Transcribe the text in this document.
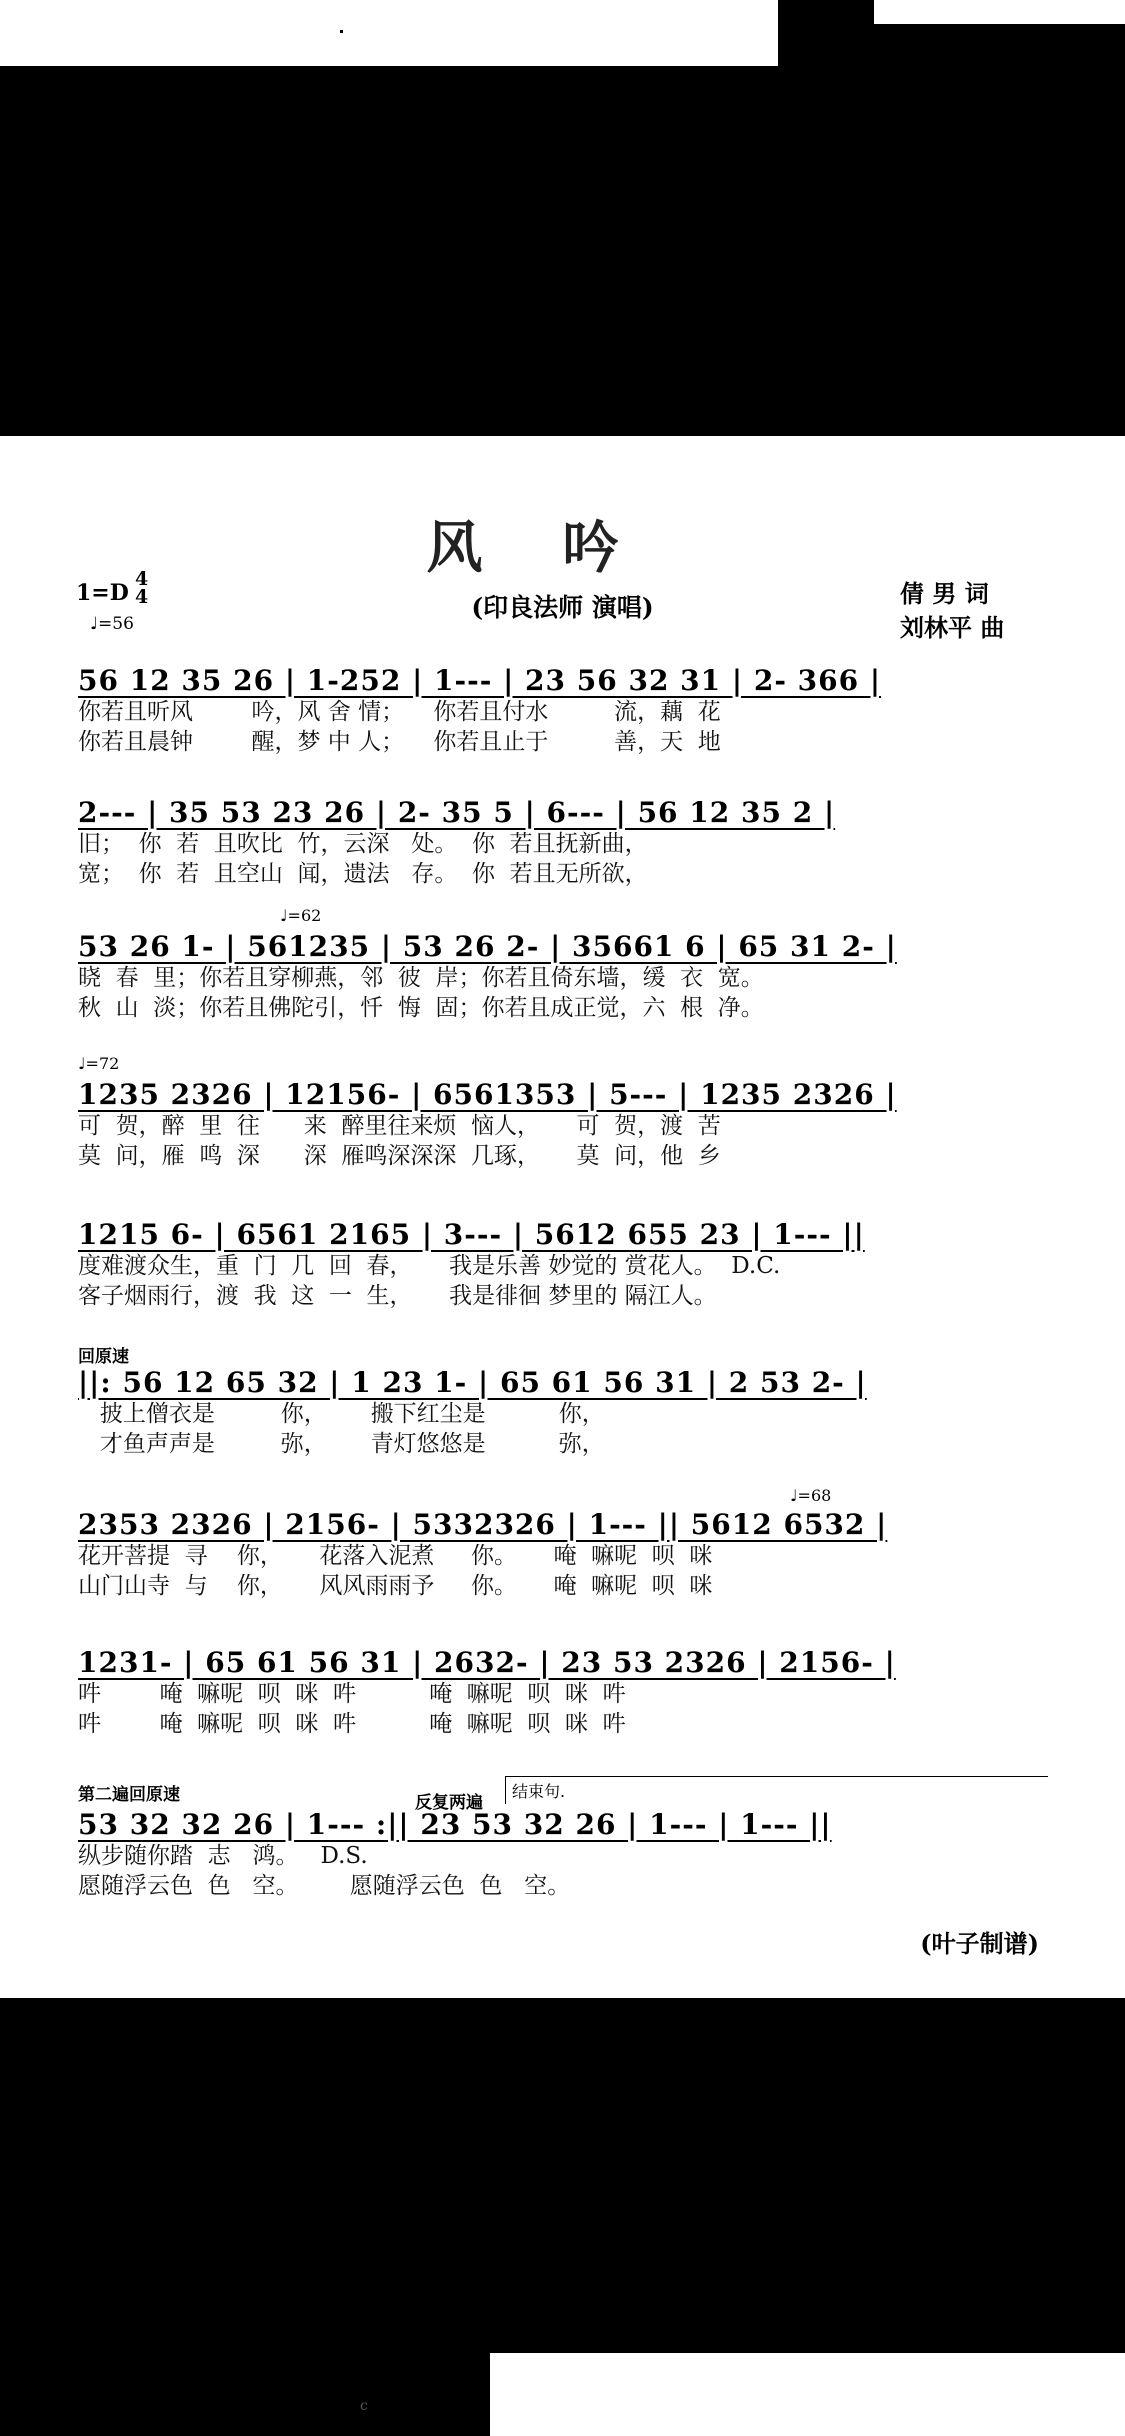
风吟
1=D
4
4
♩=56
(印良法师 演唱)	倩 男 词
刘林平 曲
56 12 35 26 | 1-252 | 1--- | 23 56 32 31 | 2- 366 |
你若且听风        吟，风 舍 情；    你若且付水         流，藕  花
你若且晨钟        醒，梦 中 人；    你若且止于         善，天  地
2--- | 35 53 23 26 | 2- 35 5 | 6--- | 56 12 35 2 |
旧；  你  若  且吹比  竹，云深   处。  你  若且抚新曲，
宽；  你  若  且空山  闻，遗法   存。  你  若且无所欲，
♩=62
53 26 1- | 561235 | 53 26 2- | 35661 6 | 65 31 2- |
晓  春  里；你若且穿柳燕，邻  彼  岸；你若且倚东墙，缓  衣  宽。
秋  山  淡；你若且佛陀引，忏  悔  固；你若且成正觉，六  根  净。
♩=72
1235 2326 | 12156- | 6561353 | 5--- | 1235 2326 |
可  贺，醉  里  往      来  醉里往来烦  恼人，     可  贺，渡  苦
莫  问，雁  鸣  深      深  雁鸣深深深  几琢，     莫  问，他  乡
1215 6- | 6561 2165 | 3--- | 5612 655 23 | 1--- ||
度难渡众生，重  门  几  回  春，     我是乐善 妙觉的 赏花人。  D.C.
客子烟雨行，渡  我  这  一  生，     我是徘徊 梦里的 隔江人。
回原速
||: 56 12 65 32 | 1 23 1- | 65 61 56 31 | 2 53 2- |
披上僧衣是         你，      搬下红尘是          你，
才鱼声声是         弥，      青灯悠悠是          弥，
♩=68
2353 2326 | 2156- | 5332326 | 1--- || 5612 6532 |
花开菩提  寻    你，     花落入泥煮     你。     唵  嘛呢  呗  咪
山门山寺  与    你，     风风雨雨予     你。     唵  嘛呢  呗  咪
1231- | 65 61 56 31 | 2632- | 23 53 2326 | 2156- |
吽        唵  嘛呢  呗  咪  吽          唵  嘛呢  呗  咪  吽
吽        唵  嘛呢  呗  咪  吽          唵  嘛呢  呗  咪  吽
第二遍回原速	反复两遍
结束句.
53 32 32 26 | 1--- :|| 23 53 32 26 | 1--- | 1--- ||
纵步随你踏  志   鸿。   D.S.
愿随浮云色  色   空。       愿随浮云色  色   空。
(叶子制谱)
c
